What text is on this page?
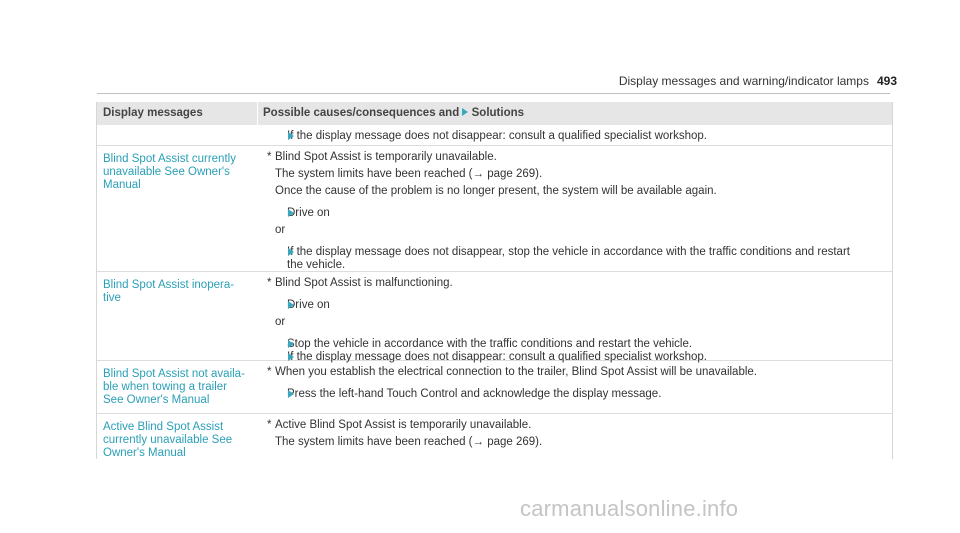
Display messages and warning/indicator lamps 493
Display messages	Possible causes/consequences and Solutions
If the display message does not disappear: consult a qualified specialist workshop.
Blind Spot Assist currently
unavailable See Owner's
Manual
* Blind Spot Assist is temporarily unavailable.
The system limits have been reached (→ page 269).
Once the cause of the problem is no longer present, the system will be available again.
Drive on
or
If the display message does not disappear, stop the vehicle in accordance with the traffic conditions and restart
the vehicle.
Blind Spot Assist inopera-
tive
* Blind Spot Assist is malfunctioning.
Drive on
or
Stop the vehicle in accordance with the traffic conditions and restart the vehicle.
If the display message does not disappear: consult a qualified specialist workshop.
Blind Spot Assist not availa-
ble when towing a trailer
See Owner's Manual
* When you establish the electrical connection to the trailer, Blind Spot Assist will be unavailable.
Press the left-hand Touch Control and acknowledge the display message.
Active Blind Spot Assist
currently unavailable See
Owner's Manual
* Active Blind Spot Assist is temporarily unavailable.
The system limits have been reached (→ page 269).
carmanualsonline.info
